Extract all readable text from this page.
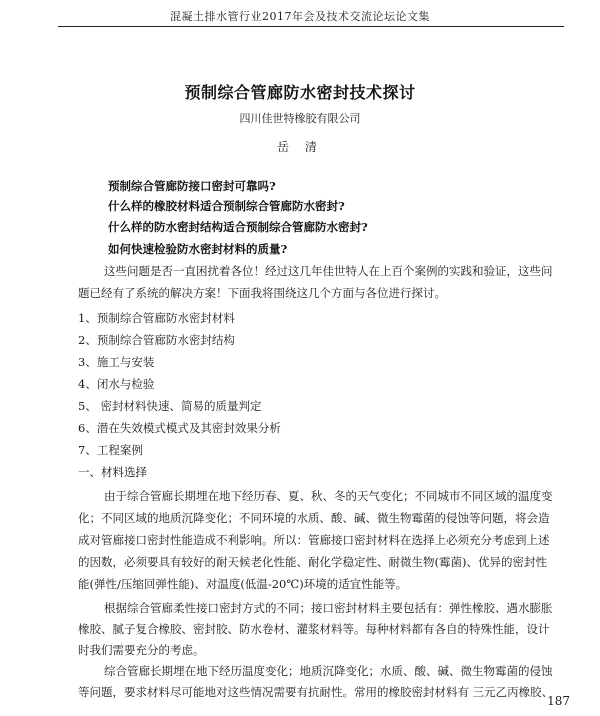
混凝土排水管行业2017年会及技术交流论坛论文集
预制综合管廊防水密封技术探讨
四川佳世特橡胶有限公司
岳 清
预制综合管廊防接口密封可靠吗?
什么样的橡胶材料适合预制综合管廊防水密封?
什么样的防水密封结构适合预制综合管廊防水密封?
如何快速检验防水密封材料的质量?
这些问题是否一直困扰着各位！经过这几年佳世特人在上百个案例的实践和验证，这些问
题已经有了系统的解决方案！下面我将围绕这几个方面与各位进行探讨。
1、预制综合管廊防水密封材料
2、预制综合管廊防水密封结构
3、施工与安装
4、闭水与检验
5、 密封材料快速、简易的质量判定
6、潜在失效模式模式及其密封效果分析
7、工程案例
一、材料选择
由于综合管廊长期埋在地下经历春、夏、秋、冬的天气变化；不同城市不同区域的温度变
化；不同区域的地质沉降变化；不同环境的水质、酸、碱、微生物霉菌的侵蚀等问题，将会造
成对管廊接口密封性能造成不利影响。所以：管廊接口密封材料在选择上必须充分考虑到上述
的因数，必须要具有较好的耐天候老化性能、耐化学稳定性、耐微生物(霉菌)、优异的密封性
能(弹性/压缩回弹性能)、对温度(低温-20℃)环境的适宜性能等。
根据综合管廊柔性接口密封方式的不同；接口密封材料主要包括有：弹性橡胶、遇水膨胀
橡胶、腻子复合橡胶、密封胶、防水卷材、灌浆材料等。每种材料都有各自的特殊性能，设计
时我们需要充分的考虑。
综合管廊长期埋在地下经历温度变化；地质沉降变化；水质、酸、碱、微生物霉菌的侵蚀
等问题，要求材料尽可能地对这些情况需要有抗耐性。常用的橡胶密封材料有 三元乙丙橡胶、
187
